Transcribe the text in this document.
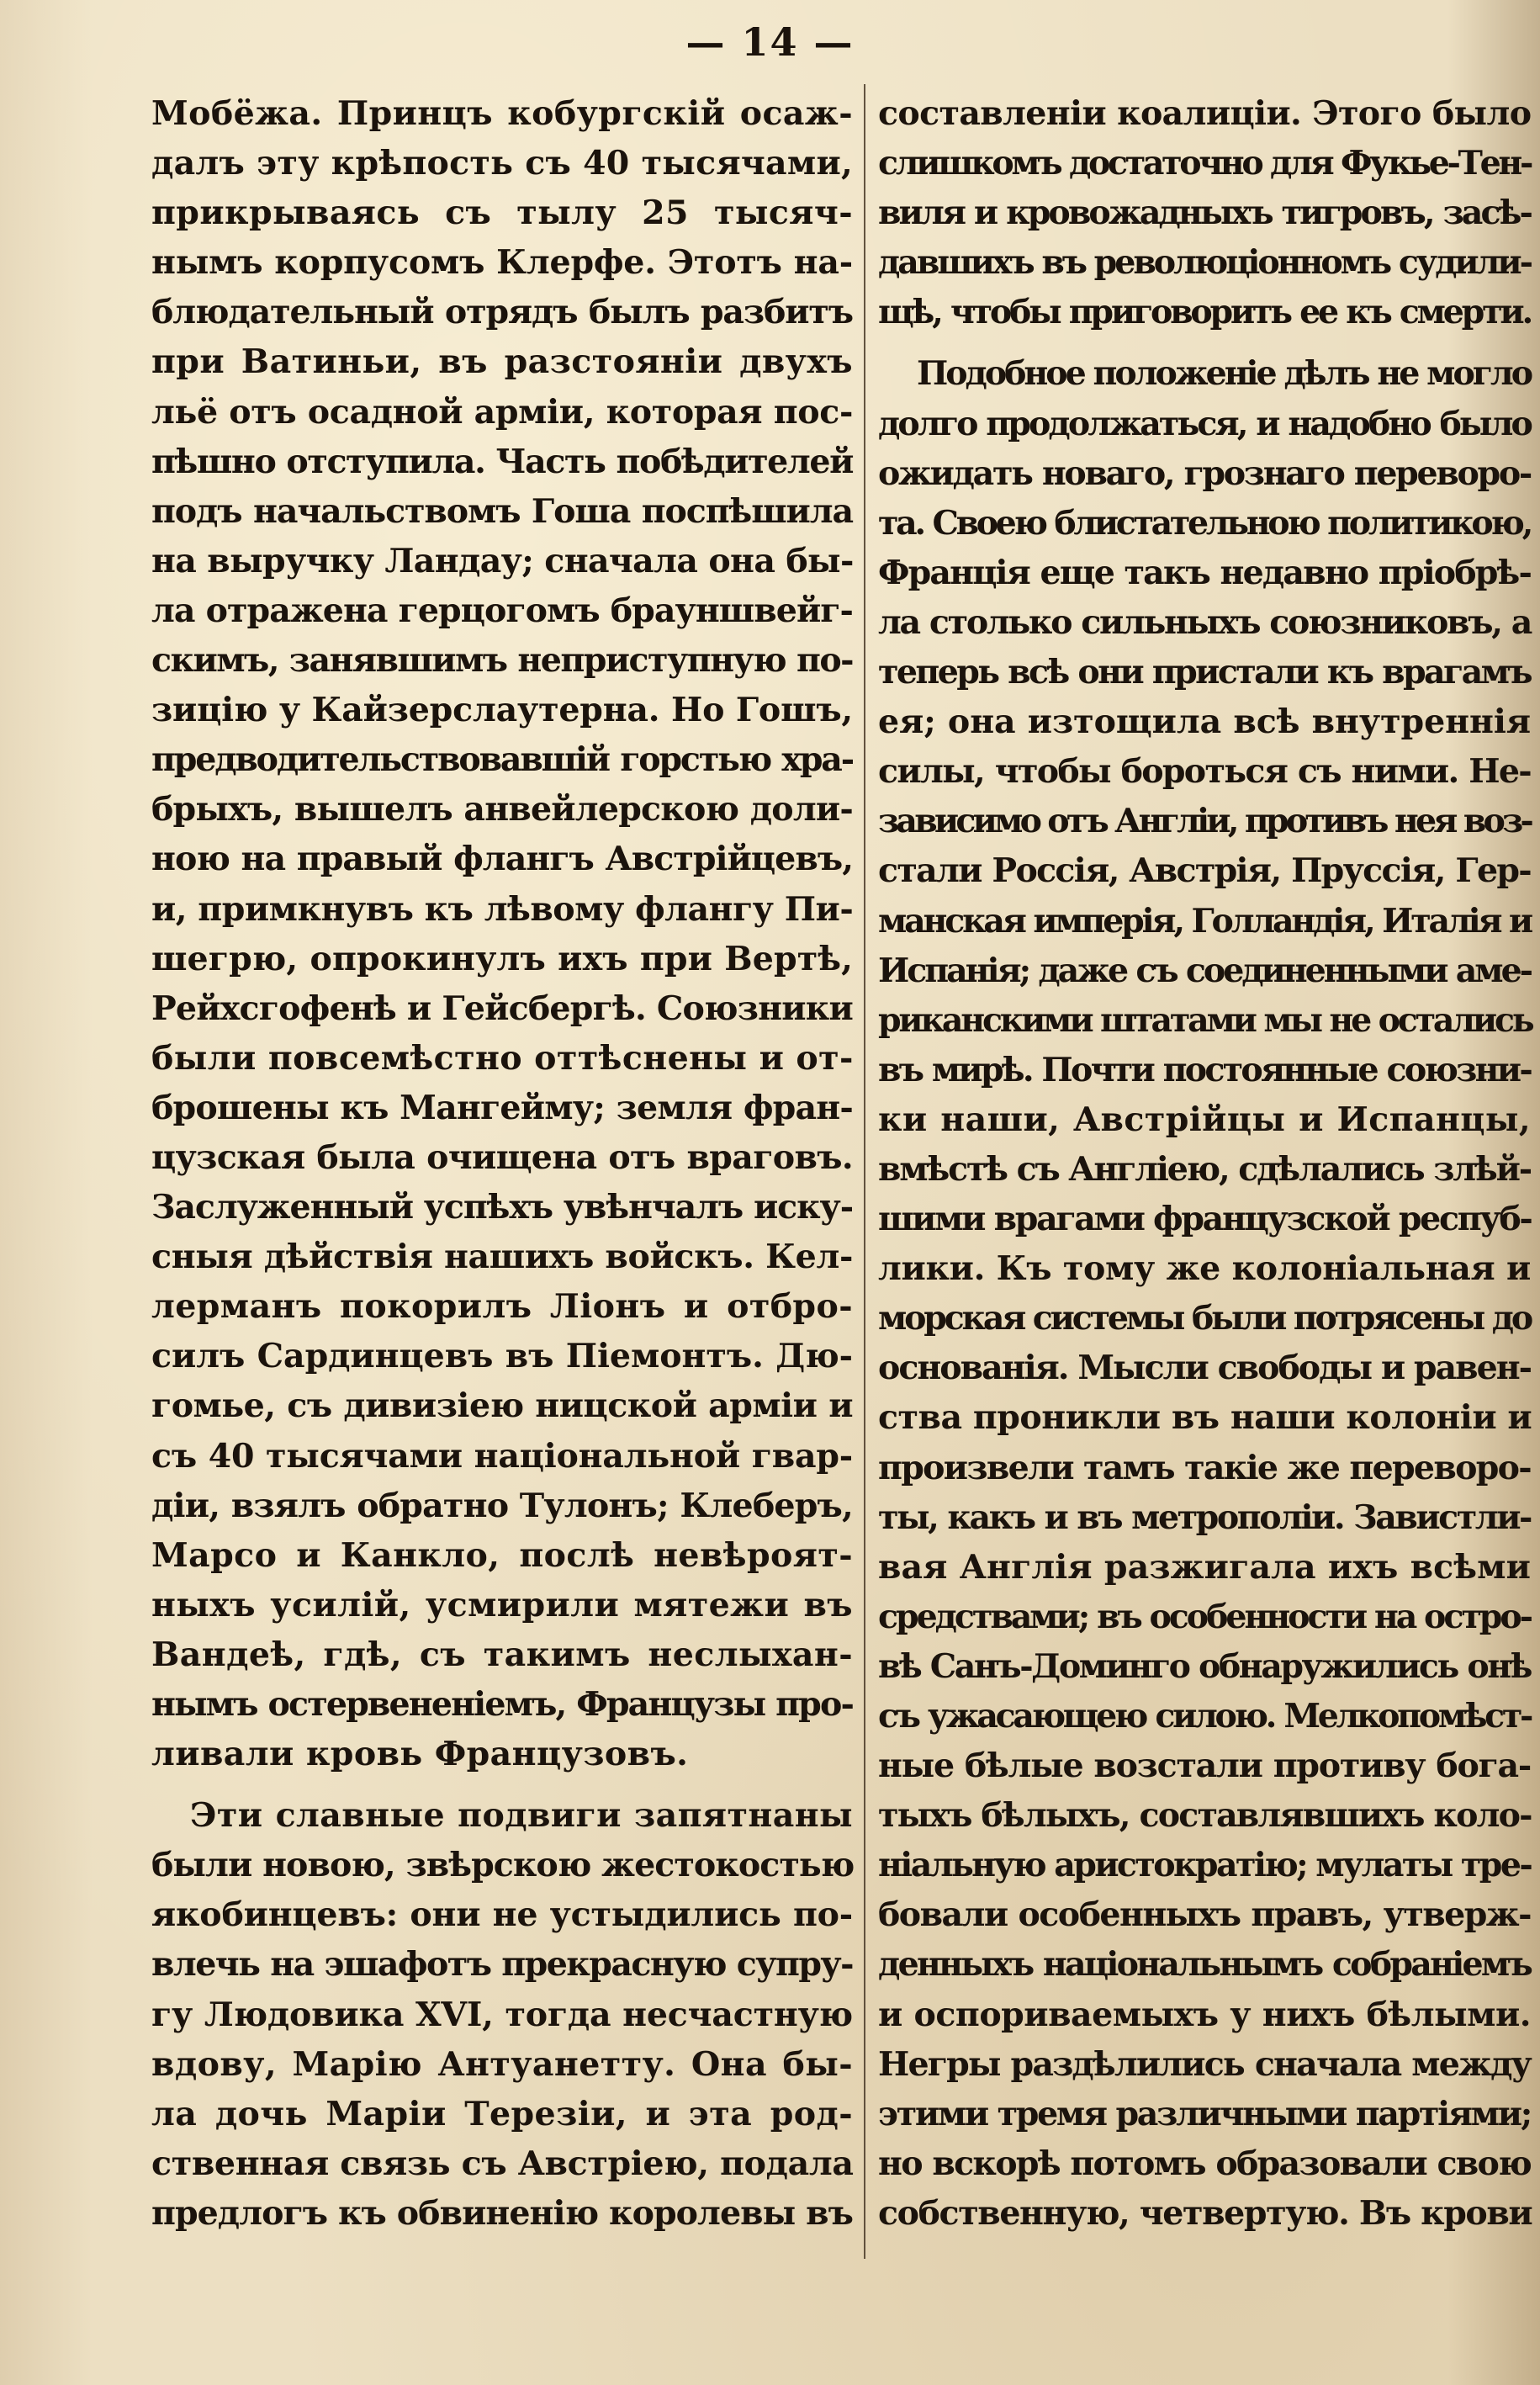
— 14 —
Мобёжа. Принцъ кобургскій осаж-
далъ эту крѣпость съ 40 тысячами,
прикрываясь съ тылу 25 тысяч-
нымъ корпусомъ Клерфе. Этотъ на-
блюдательный отрядъ былъ разбитъ
при Ватиньи, въ разстояніи двухъ
льё отъ осадной арміи, которая пос-
пѣшно отступила. Часть побѣдителей
подъ начальствомъ Гоша поспѣшила
на выручку Ландау; сначала она бы-
ла отражена герцогомъ брауншвейг-
скимъ, занявшимъ неприступную по-
зицію у Кайзерслаутерна. Но Гошъ,
предводительствовавшій горстью хра-
брыхъ, вышелъ анвейлерскою доли-
ною на правый флангъ Австрійцевъ,
и, примкнувъ къ лѣвому флангу Пи-
шегрю, опрокинулъ ихъ при Вертѣ,
Рейхсгофенѣ и Гейсбергѣ. Союзники
были повсемѣстно оттѣснены и от-
брошены къ Мангейму; земля фран-
цузская была очищена отъ враговъ.
Заслуженный успѣхъ увѣнчалъ иску-
сныя дѣйствія нашихъ войскъ. Кел-
лерманъ покорилъ Ліонъ и отбро-
силъ Сардинцевъ въ Піемонтъ. Дю-
гомье, съ дивизіею ницской арміи и
съ 40 тысячами національной гвар-
діи, взялъ обратно Тулонъ; Клеберъ,
Марсо и Канкло, послѣ невѣроят-
ныхъ усилій, усмирили мятежи въ
Вандеѣ, гдѣ, съ такимъ неслыхан-
нымъ остервененіемъ, Французы про-
ливали кровь Французовъ.
Эти славные подвиги запятнаны
были новою, звѣрскою жестокостью
якобинцевъ: они не устыдились по-
влечь на эшафотъ прекрасную супру-
гу Людовика XVI, тогда несчастную
вдову, Марію Антуанетту. Она бы-
ла дочь Маріи Терезіи, и эта род-
ственная связь съ Австріею, подала
предлогъ къ обвиненію королевы въ
составленіи коалиціи. Этого было
слишкомъ достаточно для Фукье-Тен-
виля и кровожадныхъ тигровъ, засѣ-
давшихъ въ революціонномъ судили-
щѣ, чтобы приговорить ее къ смерти.
Подобное положеніе дѣлъ не могло
долго продолжаться, и надобно было
ожидать новаго, грознаго переворо-
та. Своею блистательною политикою,
Франція еще такъ недавно пріобрѣ-
ла столько сильныхъ союзниковъ, а
теперь всѣ они пристали къ врагамъ
ея; она изтощила всѣ внутреннія
силы, чтобы бороться съ ними. Не-
зависимо отъ Англіи, противъ нея воз-
стали Россія, Австрія, Пруссія, Гер-
манская имперія, Голландія, Италія и
Испанія; даже съ соединенными аме-
риканскими штатами мы не остались
въ мирѣ. Почти постоянные союзни-
ки наши, Австрійцы и Испанцы,
вмѣстѣ съ Англіею, сдѣлались злѣй-
шими врагами французской респуб-
лики. Къ тому же колоніальная и
морская системы были потрясены до
основанія. Мысли свободы и равен-
ства проникли въ наши колоніи и
произвели тамъ такіе же переворо-
ты, какъ и въ метрополіи. Завистли-
вая Англія разжигала ихъ всѣми
средствами; въ особенности на остро-
вѣ Санъ-Доминго обнаружились онѣ
съ ужасающею силою. Мелкопомѣст-
ные бѣлые возстали противу бога-
тыхъ бѣлыхъ, составлявшихъ коло-
ніальную аристократію; мулаты тре-
бовали особенныхъ правъ, утверж-
денныхъ національнымъ собраніемъ
и оспориваемыхъ у нихъ бѣлыми.
Негры раздѣлились сначала между
этими тремя различными партіями;
но вскорѣ потомъ образовали свою
собственную, четвертую. Въ крови
